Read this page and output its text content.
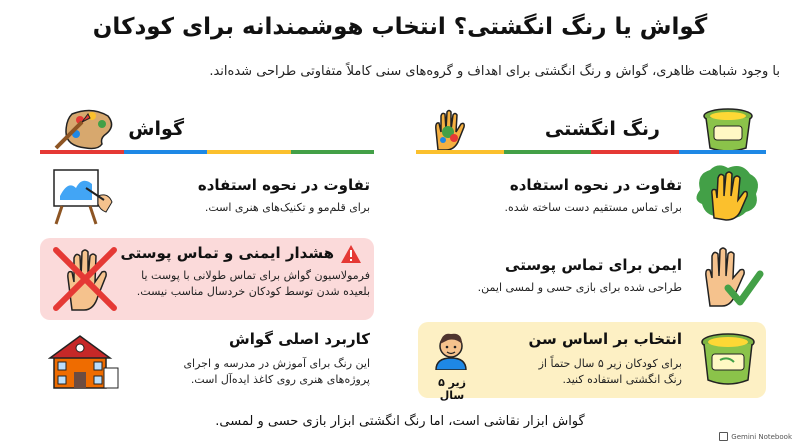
گواش یا رنگ انگشتی؟ انتخاب هوشمندانه برای کودکان
با وجود شباهت ظاهری، گواش و رنگ انگشتی برای اهداف و گروه‌های سنی کاملاً متفاوتی طراحی شده‌اند.
رنگ انگشتی
گواش
تفاوت در نحوه استفاده

برای قلم‌مو و تکنیک‌های هنری است.

هشدار ایمنی و تماس پوستی

فرمولاسیون گواش برای تماس طولانی با پوست یا

بلعیده شدن توسط کودکان خردسال مناسب نیست.

کاربرد اصلی گواش

این رنگ برای آموزش در مدرسه و اجرای

پروژه‌های هنری روی کاغذ ایده‌آل است.

تفاوت در نحوه استفاده

برای تماس مستقیم دست ساخته شده.

ایمن برای تماس پوستی

طراحی شده برای بازی حسی و لمسی ایمن.

زیر ۵ سال
انتخاب بر اساس سن

برای کودکان زیر ۵ سال حتماً از

رنگ انگشتی استفاده کنید.

گواش ابزار نقاشی است، اما رنگ انگشتی ابزار بازی حسی و لمسی.
Gemini Notebook
